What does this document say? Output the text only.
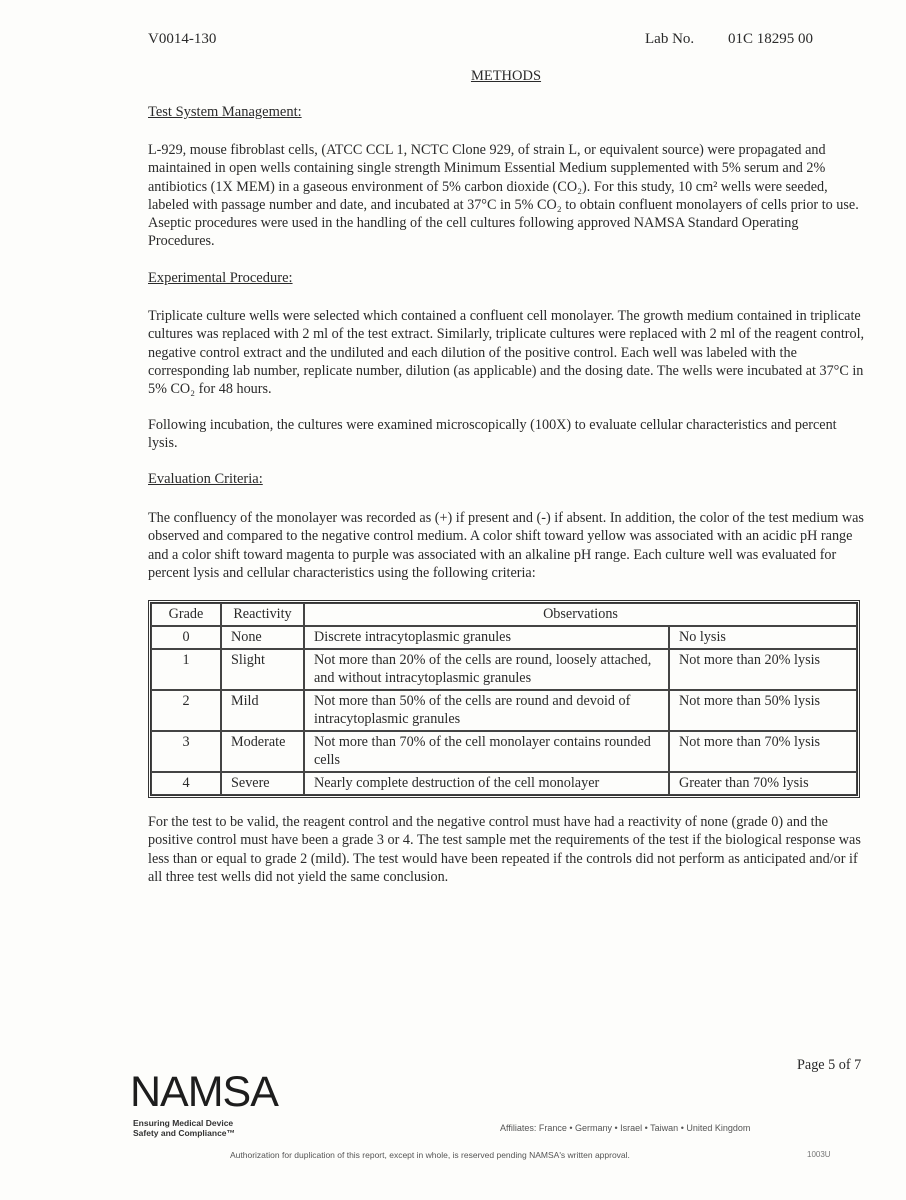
V0014-130	Lab No. 01C 18295 00
METHODS
Test System Management:

L-929, mouse fibroblast cells, (ATCC CCL 1, NCTC Clone 929, of strain L, or equivalent source) were propagated and maintained in open wells containing single strength Minimum Essential Medium supplemented with 5% serum and 2% antibiotics (1X MEM) in a gaseous environment of 5% carbon dioxide (CO₂). For this study, 10 cm² wells were seeded, labeled with passage number and date, and incubated at 37°C in 5% CO₂ to obtain confluent monolayers of cells prior to use. Aseptic procedures were used in the handling of the cell cultures following approved NAMSA Standard Operating Procedures.

Experimental Procedure:

Triplicate culture wells were selected which contained a confluent cell monolayer. The growth medium contained in triplicate cultures was replaced with 2 ml of the test extract. Similarly, triplicate cultures were replaced with 2 ml of the reagent control, negative control extract and the undiluted and each dilution of the positive control. Each well was labeled with the corresponding lab number, replicate number, dilution (as applicable) and the dosing date. The wells were incubated at 37°C in 5% CO₂ for 48 hours.

Following incubation, the cultures were examined microscopically (100X) to evaluate cellular characteristics and percent lysis.

Evaluation Criteria:

The confluency of the monolayer was recorded as (+) if present and (-) if absent. In addition, the color of the test medium was observed and compared to the negative control medium. A color shift toward yellow was associated with an acidic pH range and a color shift toward magenta to purple was associated with an alkaline pH range. Each culture well was evaluated for percent lysis and cellular characteristics using the following criteria:

Grade	Reactivity	Observations	
0	None	Discrete intracytoplasmic granules	No lysis
1	Slight	Not more than 20% of the cells are round, loosely attached, and without intracytoplasmic granules	Not more than 20% lysis
2	Mild	Not more than 50% of the cells are round and devoid of intracytoplasmic granules	Not more than 50% lysis
3	Moderate	Not more than 70% of the cell monolayer contains rounded cells	Not more than 70% lysis
4	Severe	Nearly complete destruction of the cell monolayer	Greater than 70% lysis

For the test to be valid, the reagent control and the negative control must have had a reactivity of none (grade 0) and the positive control must have been a grade 3 or 4. The test sample met the requirements of the test if the biological response was less than or equal to grade 2 (mild). The test would have been repeated if the controls did not perform as anticipated and/or if all three test wells did not yield the same conclusion.

Page 5 of 7
NAMSA
Ensuring Medical Device
Safety and Compliance™	Affiliates: France • Germany • Israel • Taiwan • United Kingdom
Authorization for duplication of this report, except in whole, is reserved pending NAMSA's written approval.	1003U
